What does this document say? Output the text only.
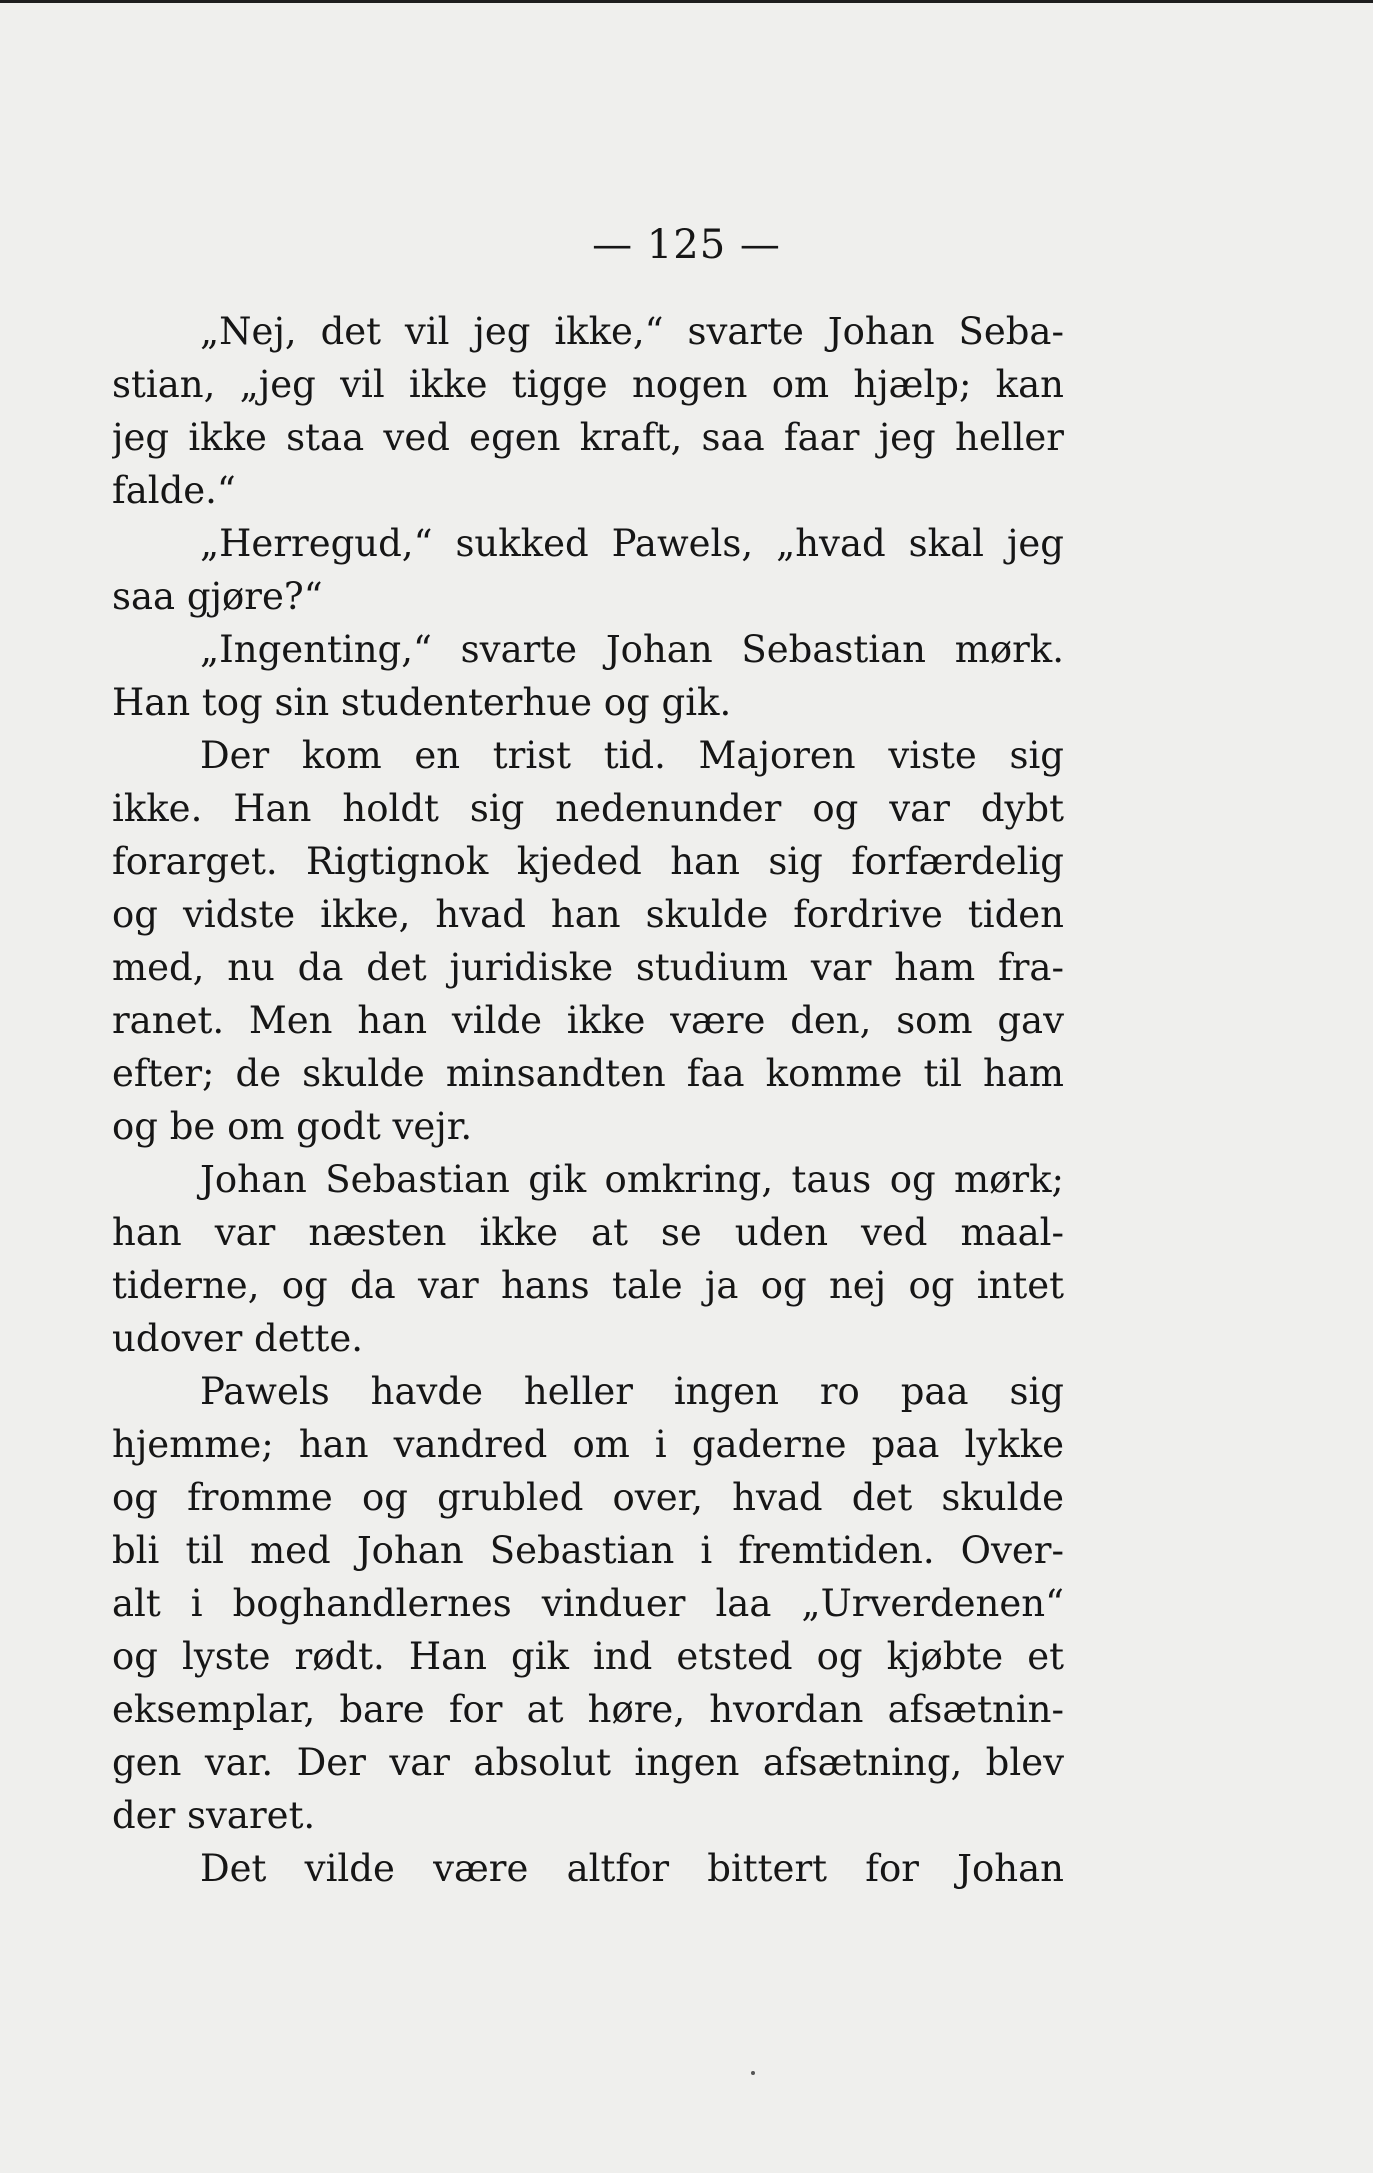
— 125 —
„Nej, det vil jeg ikke,“ svarte Johan Seba-
stian, „jeg vil ikke tigge nogen om hjælp; kan
jeg ikke staa ved egen kraft, saa faar jeg heller
falde.“
„Herregud,“ sukked Pawels, „hvad skal jeg
saa gjøre?“
„Ingenting,“ svarte Johan Sebastian mørk.
Han tog sin studenterhue og gik.
Der kom en trist tid. Majoren viste sig
ikke. Han holdt sig nedenunder og var dybt
forarget. Rigtignok kjeded han sig forfærdelig
og vidste ikke, hvad han skulde fordrive tiden
med, nu da det juridiske studium var ham fra-
ranet. Men han vilde ikke være den, som gav
efter; de skulde minsandten faa komme til ham
og be om godt vejr.
Johan Sebastian gik omkring, taus og mørk;
han var næsten ikke at se uden ved maal-
tiderne, og da var hans tale ja og nej og intet
udover dette.
Pawels havde heller ingen ro paa sig
hjemme; han vandred om i gaderne paa lykke
og fromme og grubled over, hvad det skulde
bli til med Johan Sebastian i fremtiden. Over-
alt i boghandlernes vinduer laa „Urverdenen“
og lyste rødt. Han gik ind etsted og kjøbte et
eksemplar, bare for at høre, hvordan afsætnin-
gen var. Der var absolut ingen afsætning, blev
der svaret.
Det vilde være altfor bittert for Johan
